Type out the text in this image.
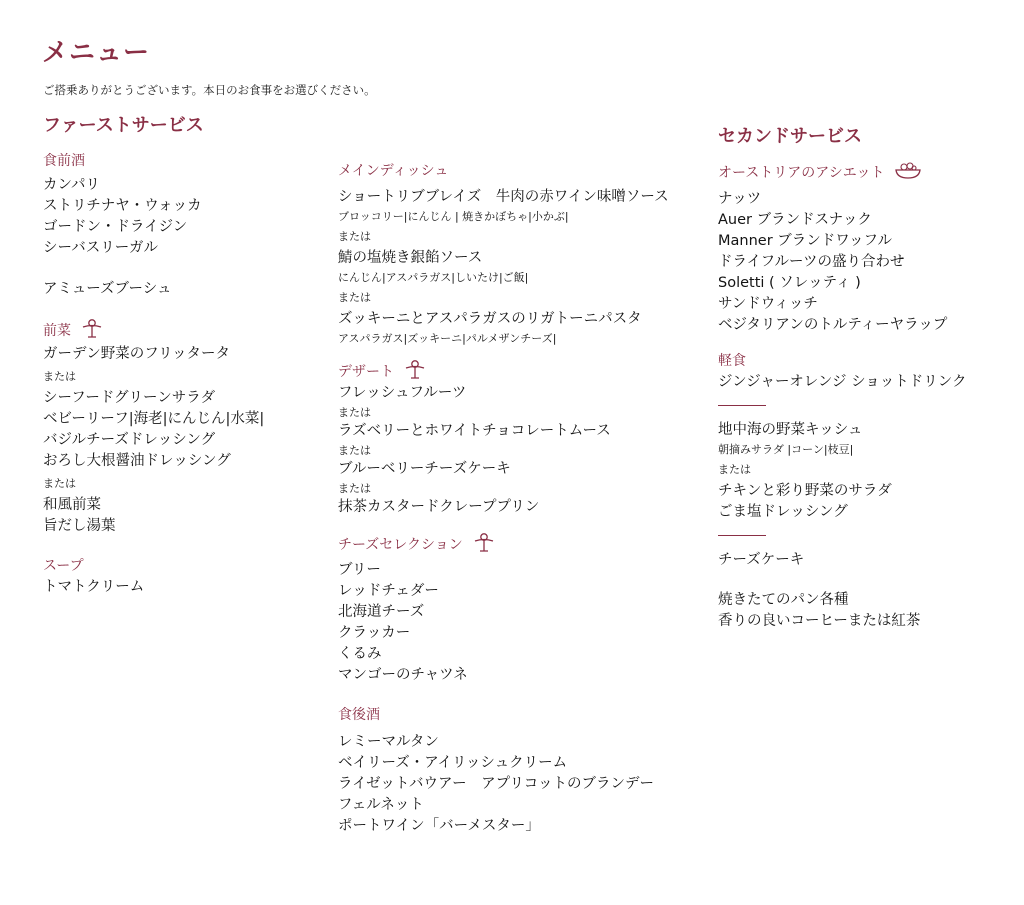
メニュー
ご搭乗ありがとうございます。本日のお食事をお選びください。
ファーストサービス
食前酒
カンパリ
ストリチナヤ・ウォッカ
ゴードン・ドライジン
シーバスリーガル
アミューズブーシュ
前菜
ガーデン野菜のフリッタータ
または
シーフードグリーンサラダ
ベビーリーフ|海老|にんじん|水菜|
バジルチーズドレッシング
おろし大根醤油ドレッシング
または
和風前菜
旨だし湯葉
スープ
トマトクリーム
メインディッシュ
ショートリブブレイズ　牛肉の赤ワイン味噌ソース
ブロッコリー|にんじん | 焼きかぼちゃ|小かぶ|
または
鯖の塩焼き銀餡ソース
にんじん|アスパラガス|しいたけ|ご飯|
または
ズッキーニとアスパラガスのリガトーニパスタ
アスパラガス|ズッキーニ|パルメザンチーズ|
デザート
フレッシュフルーツ
または
ラズベリーとホワイトチョコレートムース
または
ブルーベリーチーズケーキ
または
抹茶カスタードクレーププリン
チーズセレクション
ブリー
レッドチェダー
北海道チーズ
クラッカー
くるみ
マンゴーのチャツネ
食後酒
レミーマルタン
ベイリーズ・アイリッシュクリーム
ライゼットバウアー　アプリコットのブランデー
フェルネット
ポートワイン「バーメスター」
セカンドサービス
オーストリアのアシエット
ナッツ
Auer ブランドスナック
Manner ブランドワッフル
ドライフルーツの盛り合わせ
Soletti ( ソレッティ )
サンドウィッチ
ベジタリアンのトルティーヤラップ
軽食
ジンジャーオレンジ ショットドリンク
地中海の野菜キッシュ
朝摘みサラダ |コーン|枝豆|
または
チキンと彩り野菜のサラダ
ごま塩ドレッシング
チーズケーキ
焼きたてのパン各種
香りの良いコーヒーまたは紅茶
